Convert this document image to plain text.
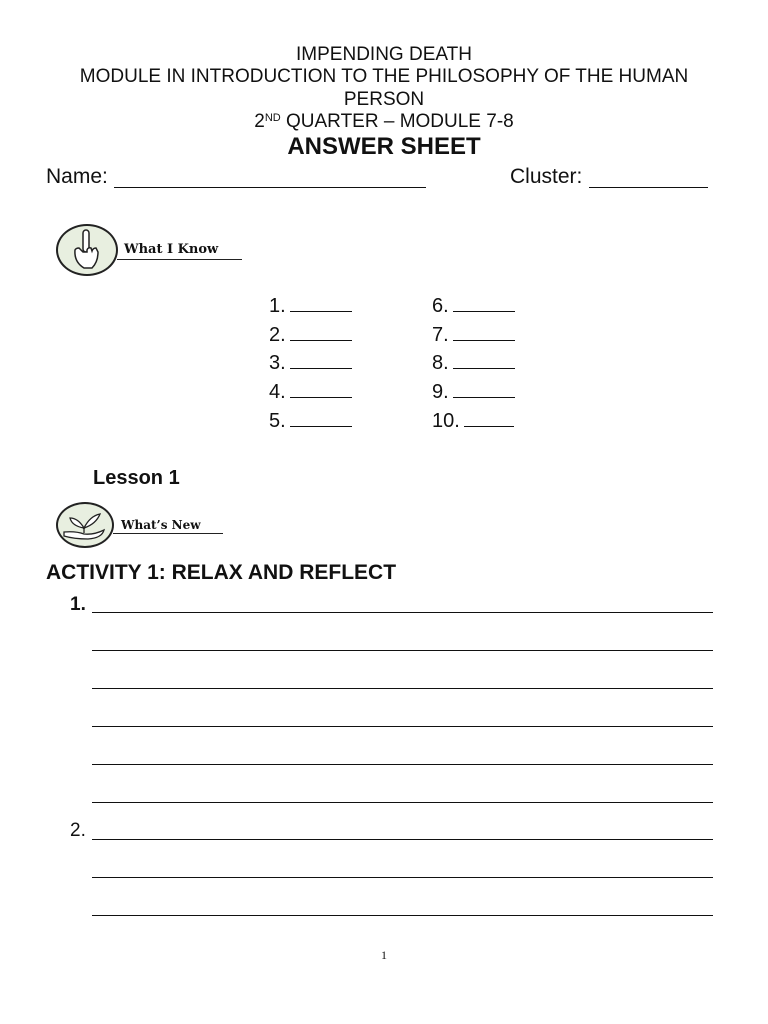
IMPENDING DEATH
MODULE IN INTRODUCTION TO THE PHILOSOPHY OF THE HUMAN
PERSON
2ND QUARTER – MODULE 7-8
ANSWER SHEET
Name:	Cluster:
What I Know
1.
2.
3.
4.
5.
6.
7.
8.
9.
10.
Lesson 1
What’s New
ACTIVITY 1: RELAX AND REFLECT
1.
2.
1
